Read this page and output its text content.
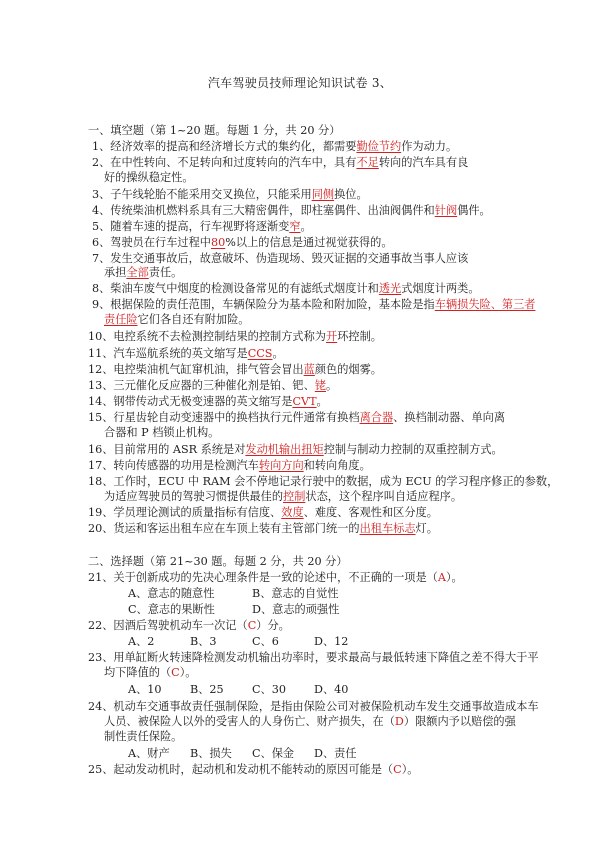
汽车驾驶员技师理论知识试卷 3、
一、填空题（第 1~20 题。每题 1 分，共 20 分）
1、经济效率的提高和经济增长方式的集约化，都需要勤俭节约作为动力。
2、在中性转向、不足转向和过度转向的汽车中，具有不足转向的汽车具有良
好的操纵稳定性。
3、子午线轮胎不能采用交叉换位，只能采用同侧换位。
4、传统柴油机燃料系具有三大精密偶件，即柱塞偶件、出油阀偶件和针阀偶件。
5、随着车速的提高，行车视野将逐渐变窄。
6、驾驶员在行车过程中80%以上的信息是通过视觉获得的。
7、发生交通事故后，故意破坏、伪造现场、毁灭证据的交通事故当事人应该
承担全部责任。
8、柴油车废气中烟度的检测设备常见的有滤纸式烟度计和透光式烟度计两类。
9、根据保险的责任范围，车辆保险分为基本险和附加险，基本险是指车辆损失险、第三者
责任险它们各自还有附加险。
10、电控系统不去检测控制结果的控制方式称为开环控制。
11、汽车巡航系统的英文缩写是CCS。
12、电控柴油机气缸窜机油，排气管会冒出蓝颜色的烟雾。
13、三元催化反应器的三种催化剂是铂、钯、铑。
14、钢带传动式无极变速器的英文缩写是CVT。
15、行星齿轮自动变速器中的换档执行元件通常有换档离合器、换档制动器、单向离
合器和 P 档锁止机构。
16、目前常用的 ASR 系统是对发动机输出扭矩控制与制动力控制的双重控制方式。
17、转向传感器的功用是检测汽车转向方向和转向角度。
18、工作时，ECU 中 RAM 会不停地记录行驶中的数据，成为 ECU 的学习程序修正的参数，
为适应驾驶员的驾驶习惯提供最佳的控制状态，这个程序叫自适应程序。
19、学员理论测试的质量指标有信度、效度、难度、客观性和区分度。
20、货运和客运出租车应在车顶上装有主管部门统一的出租车标志灯。
二、选择题（第 21~30 题。每题 2 分，共 20 分）
21、关于创新成功的先决心理条件是一致的论述中，不正确的一项是（A）。
A、意志的随意性	B、意志的自觉性
C、意志的果断性	D、意志的顽强性
22、因酒后驾驶机动车一次记（C）分。
A、2	B、3	C、6	D、12
23、用单缸断火转速降检测发动机输出功率时，要求最高与最低转速下降值之差不得大于平
均下降值的（C）。
A、10	B、25	C、30	D、40
24、机动车交通事故责任强制保险，是指由保险公司对被保险机动车发生交通事故造成本车
人员、被保险人以外的受害人的人身伤亡、财产损失，在（D）限额内予以赔偿的强
制性责任保险。
A、财产 B、损失 C、保金 D、责任
25、起动发动机时，起动机和发动机不能转动的原因可能是（C）。
